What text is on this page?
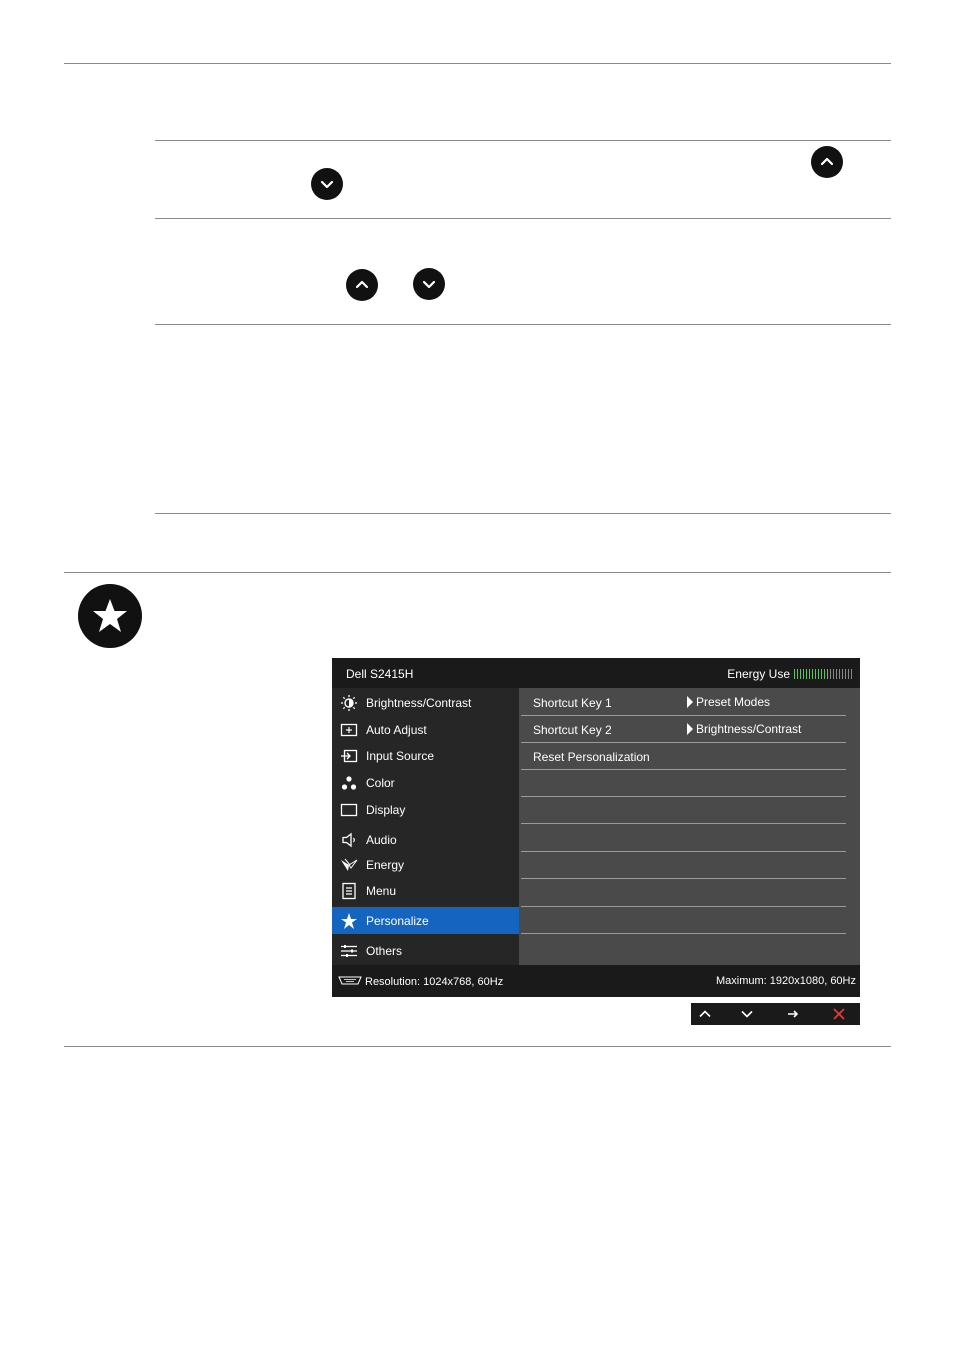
Dell S2415H	Energy Use
Brightness/Contrast
Auto Adjust
Input Source
Color
Display
Audio
Energy
Menu
Personalize
Others
Shortcut Key 1	Preset Modes
Shortcut Key 2	Brightness/Contrast
Reset Personalization
Resolution: 1024x768, 60Hz	Maximum: 1920x1080, 60Hz
